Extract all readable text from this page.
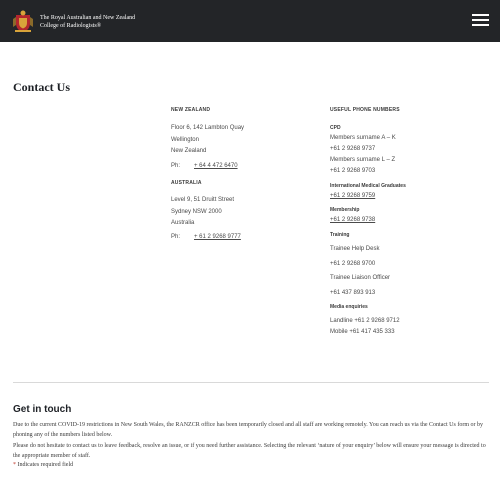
The Royal Australian and New Zealand
College of Radiologists®
Contact Us
NEW ZEALAND
Floor 6, 142 Lambton Quay
Wellington
New Zealand
Ph: + 64 4 472 6470
AUSTRALIA
Level 9, 51 Druitt Street
Sydney NSW 2000
Australia
Ph: + 61 2 9268 9777
USEFUL PHONE NUMBERS
CPD
Members surname A – K
+61 2 9268 9737
Members surname L – Z
+61 2 9268 9703
International Medical Graduates
+61 2 9268 9759
Membership
+61 2 9268 9738
Training
Trainee Help Desk
+61 2 9268 9700
Trainee Liaison Officer
+61 437 893 913
Media enquiries
Landline +61 2 9268 9712
Mobile +61 417 435 333
Get in touch

Due to the current COVID-19 restrictions in New South Wales, the RANZCR office has been temporarily closed and all staff are working remotely. You can reach us via the Contact Us form or by phoning any of the numbers listed below.

Please do not hesitate to contact us to leave feedback, resolve an issue, or if you need further assistance. Selecting the relevant ‘nature of your enquiry’ below will ensure your message is directed to the appropriate member of staff.

* Indicates required field
